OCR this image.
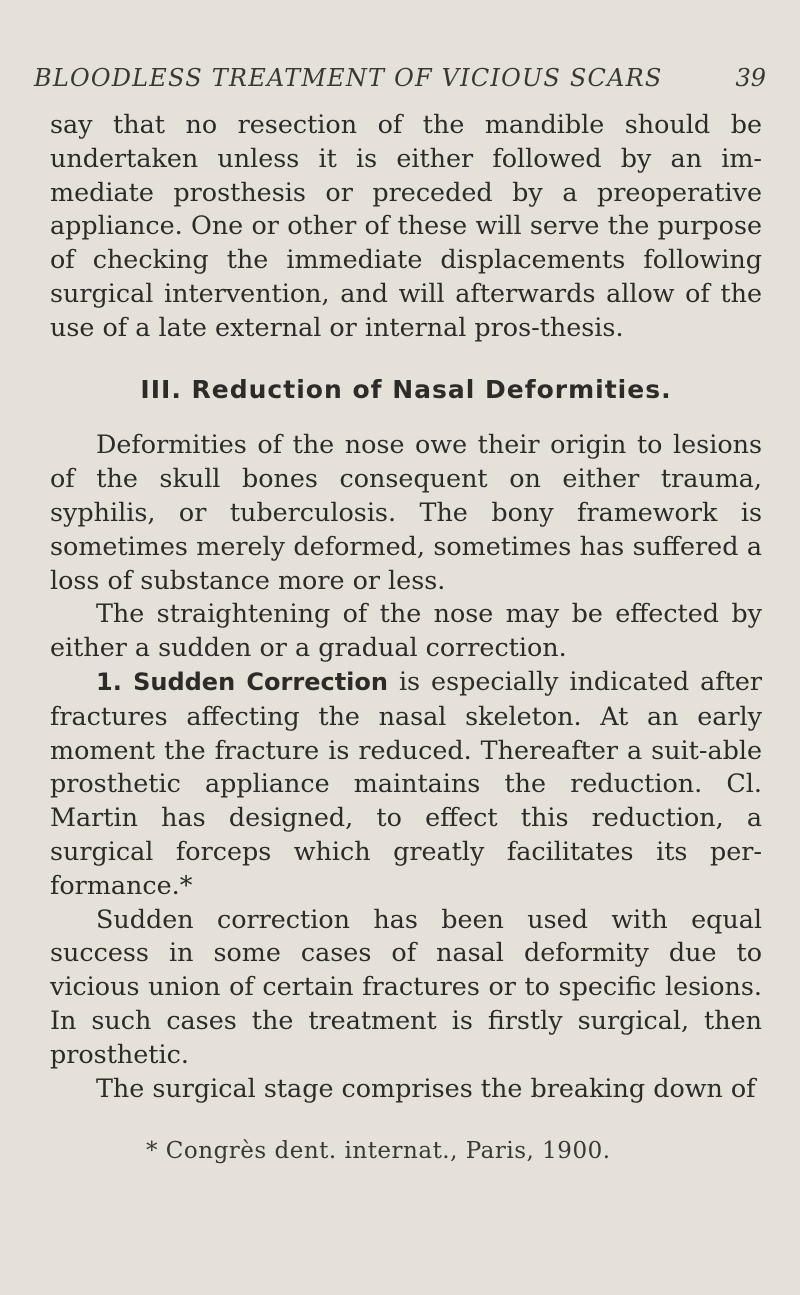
BLOODLESS TREATMENT OF VICIOUS SCARS	39

say that no resection of the mandible should be undertaken unless it is either followed by an im-mediate prosthesis or preceded by a preoperative appliance. One or other of these will serve the purpose of checking the immediate displacements following surgical intervention, and will afterwards allow of the use of a late external or internal pros-thesis.

III. Reduction of Nasal Deformities.

Deformities of the nose owe their origin to lesions of the skull bones consequent on either trauma, syphilis, or tuberculosis. The bony framework is sometimes merely deformed, sometimes has suffered a loss of substance more or less.

The straightening of the nose may be effected by either a sudden or a gradual correction.

1. Sudden Correction is especially indicated after fractures affecting the nasal skeleton. At an early moment the fracture is reduced. Thereafter a suit-able prosthetic appliance maintains the reduction. Cl. Martin has designed, to effect this reduction, a surgical forceps which greatly facilitates its per-formance.*

Sudden correction has been used with equal success in some cases of nasal deformity due to vicious union of certain fractures or to specific lesions. In such cases the treatment is firstly surgical, then prosthetic.

The surgical stage comprises the breaking down of

* Congrès dent. internat., Paris, 1900.
